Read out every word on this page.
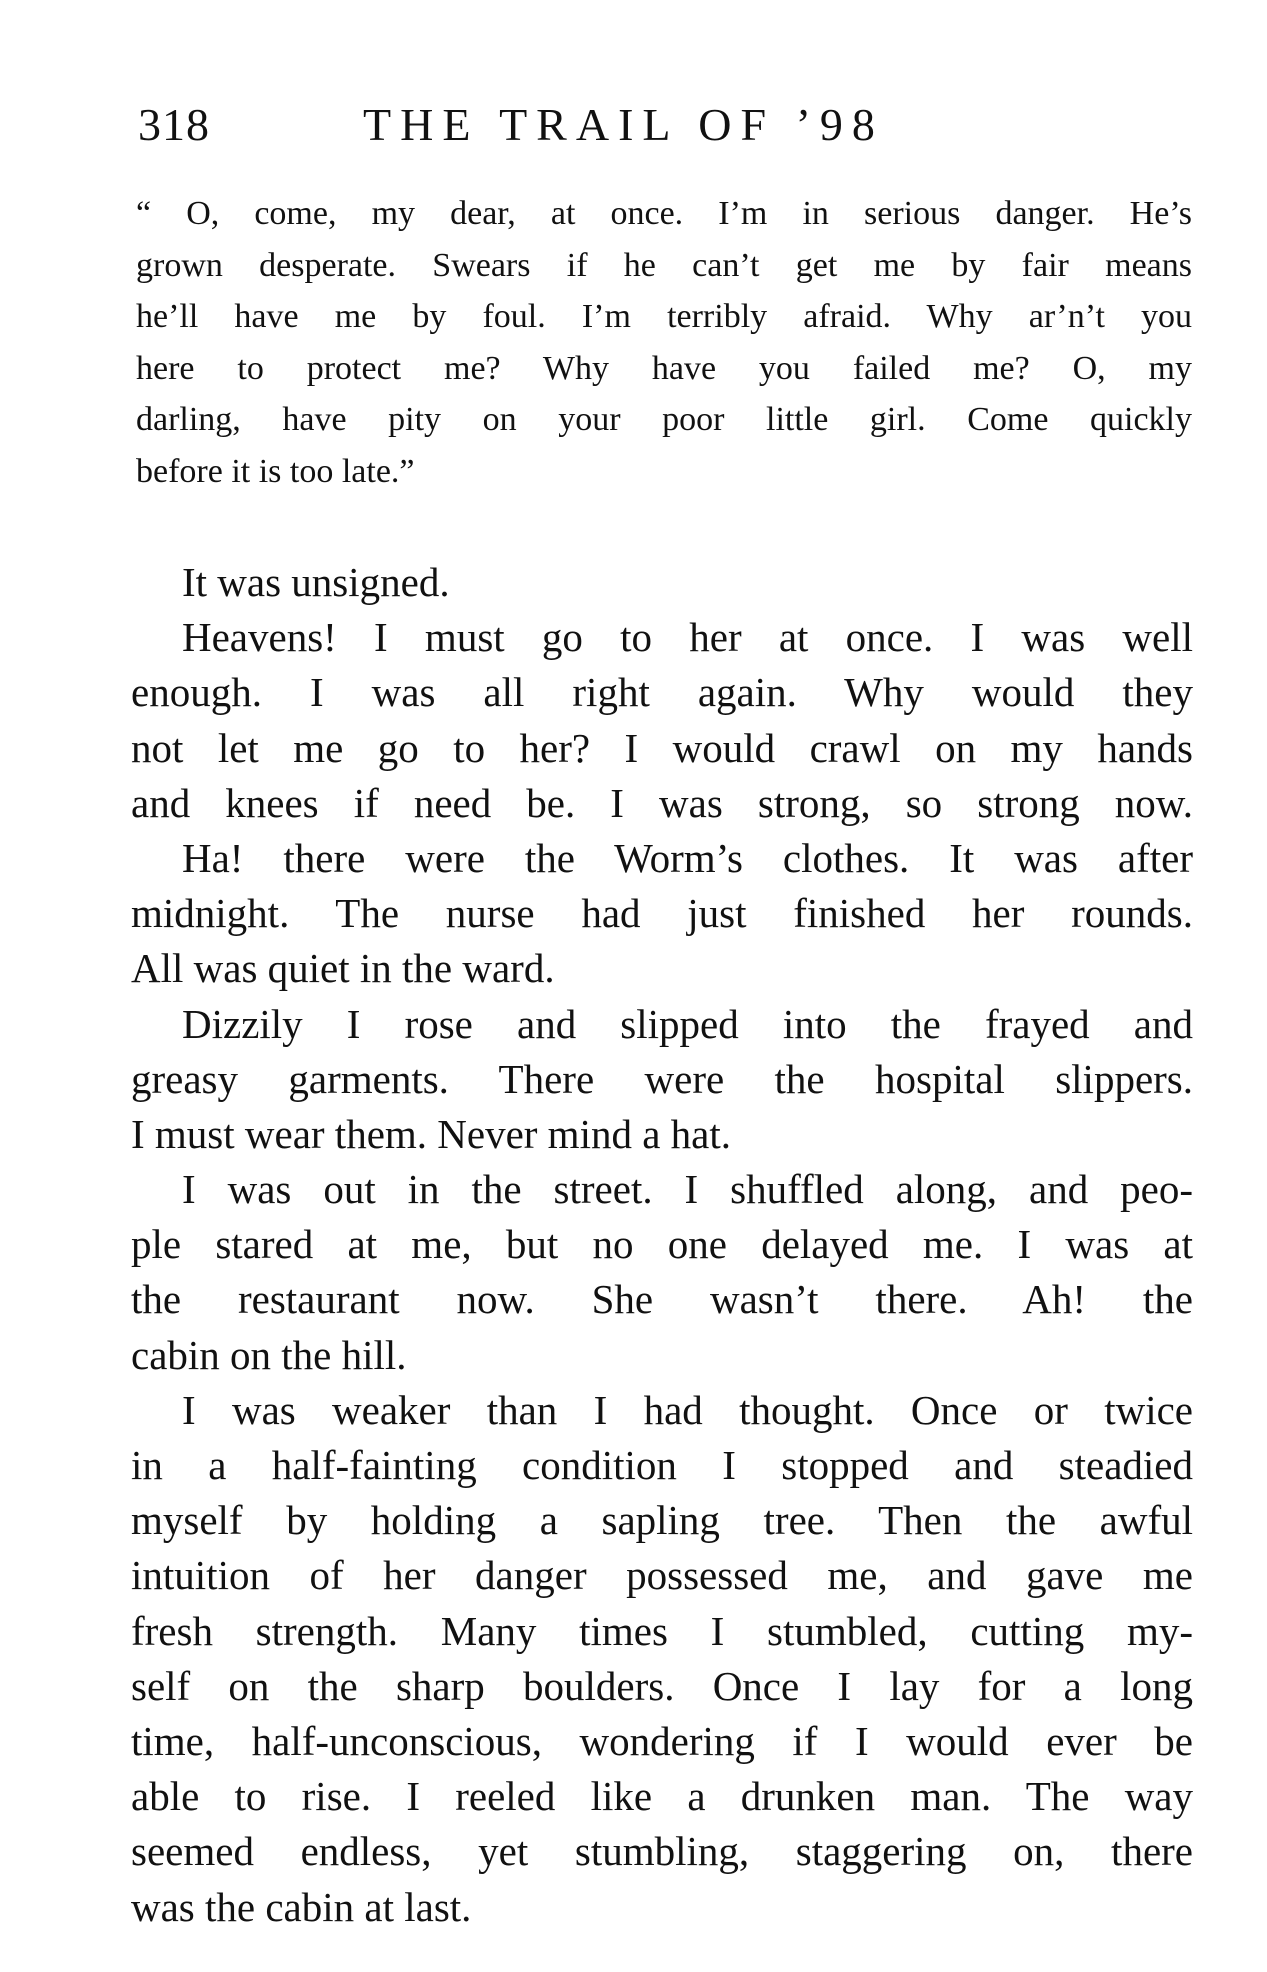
318	THE TRAIL OF ’98
“ O, come, my dear, at once. I’m in serious danger. He’s
grown desperate. Swears if he can’t get me by fair means
he’ll have me by foul. I’m terribly afraid. Why ar’n’t you
here to protect me? Why have you failed me? O, my
darling, have pity on your poor little girl. Come quickly
before it is too late.”
It was unsigned.
Heavens! I must go to her at once. I was well
enough. I was all right again. Why would they
not let me go to her? I would crawl on my hands
and knees if need be. I was strong, so strong now.
Ha! there were the Worm’s clothes. It was after
midnight. The nurse had just finished her rounds.
All was quiet in the ward.
Dizzily I rose and slipped into the frayed and
greasy garments. There were the hospital slippers.
I must wear them. Never mind a hat.
I was out in the street. I shuffled along, and peo-
ple stared at me, but no one delayed me. I was at
the restaurant now. She wasn’t there. Ah! the
cabin on the hill.
I was weaker than I had thought. Once or twice
in a half-fainting condition I stopped and steadied
myself by holding a sapling tree. Then the awful
intuition of her danger possessed me, and gave me
fresh strength. Many times I stumbled, cutting my-
self on the sharp boulders. Once I lay for a long
time, half-unconscious, wondering if I would ever be
able to rise. I reeled like a drunken man. The way
seemed endless, yet stumbling, staggering on, there
was the cabin at last.
